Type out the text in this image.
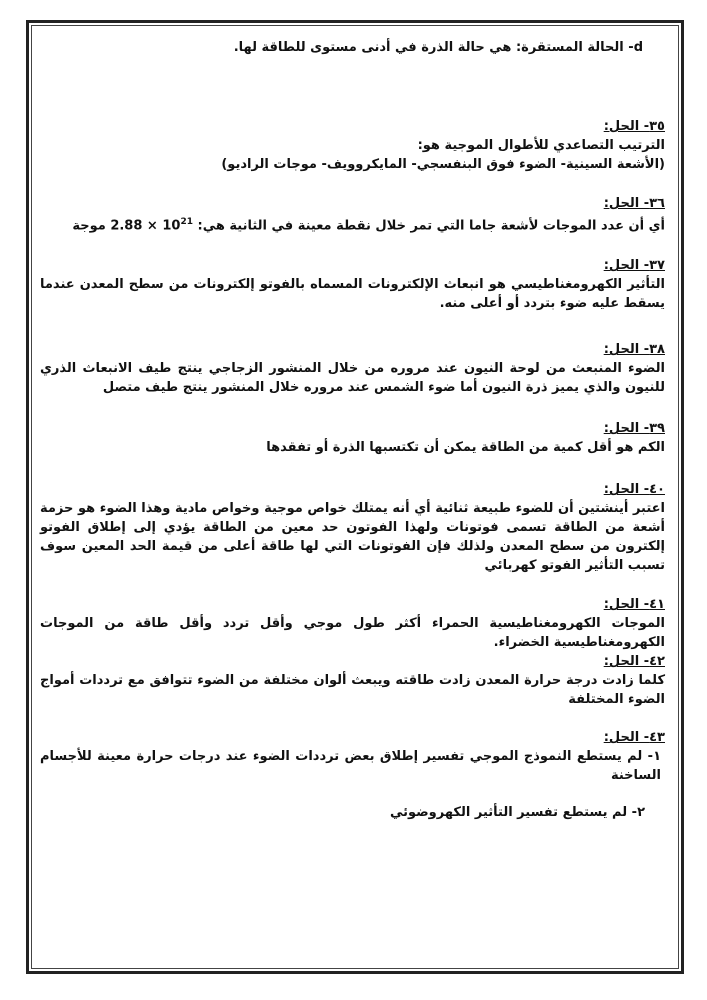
d- الحالة المستقرة: هي حالة الذرة في أدنى مستوى للطاقة لها.

٣٥- الحل:

الترتيب التصاعدي للأطوال الموجية هو:

(الأشعة السينية- الضوء فوق البنفسجي- المايكروويف- موجات الراديو)

٣٦- الحل:

أي أن عدد الموجات لأشعة جاما التي تمر خلال نقطة معينة في الثانية هي: $2.88 \times 10^{21}$ موجة

٣٧- الحل:

التأثير الكهرومغناطيسي هو انبعاث الإلكترونات المسماه بالفوتو إلكترونات من سطح المعدن عندما يسقط عليه ضوء بتردد أو أعلى منه.

٣٨- الحل:

الضوء المنبعث من لوحة النيون عند مروره من خلال المنشور الزجاجي ينتج طيف الانبعاث الذري للنيون والذي يميز ذرة النيون أما ضوء الشمس عند مروره خلال المنشور ينتج طيف متصل

٣٩- الحل:

الكم هو أقل كمية من الطاقة يمكن أن تكتسبها الذرة أو تفقدها

٤٠- الحل:

اعتبر أينشتين أن للضوء طبيعة ثنائية أي أنه يمتلك خواص موجية وخواص مادية وهذا الضوء هو حزمة أشعة من الطاقة تسمى فوتونات ولهذا الفوتون حد معين من الطاقة يؤدي إلى إطلاق الفوتو إلكترون من سطح المعدن ولذلك فإن الفوتونات التي لها طاقة أعلى من قيمة الحد المعين سوف تسبب التأثير الفوتو كهربائي

٤١- الحل:

الموجات الكهرومغناطيسية الحمراء أكثر طول موجي وأقل تردد وأقل طاقة من الموجات الكهرومغناطيسية الخضراء.

٤٢- الحل:

كلما زادت درجة حرارة المعدن زادت طاقته ويبعث ألوان مختلفة من الضوء تتوافق مع ترددات أمواج الضوء المختلفة

٤٣- الحل:

١- لم يستطع النموذج الموجي تفسير إطلاق بعض ترددات الضوء عند درجات حرارة معينة للأجسام الساخنة

٢- لم يستطع تفسير التأثير الكهروضوئي
